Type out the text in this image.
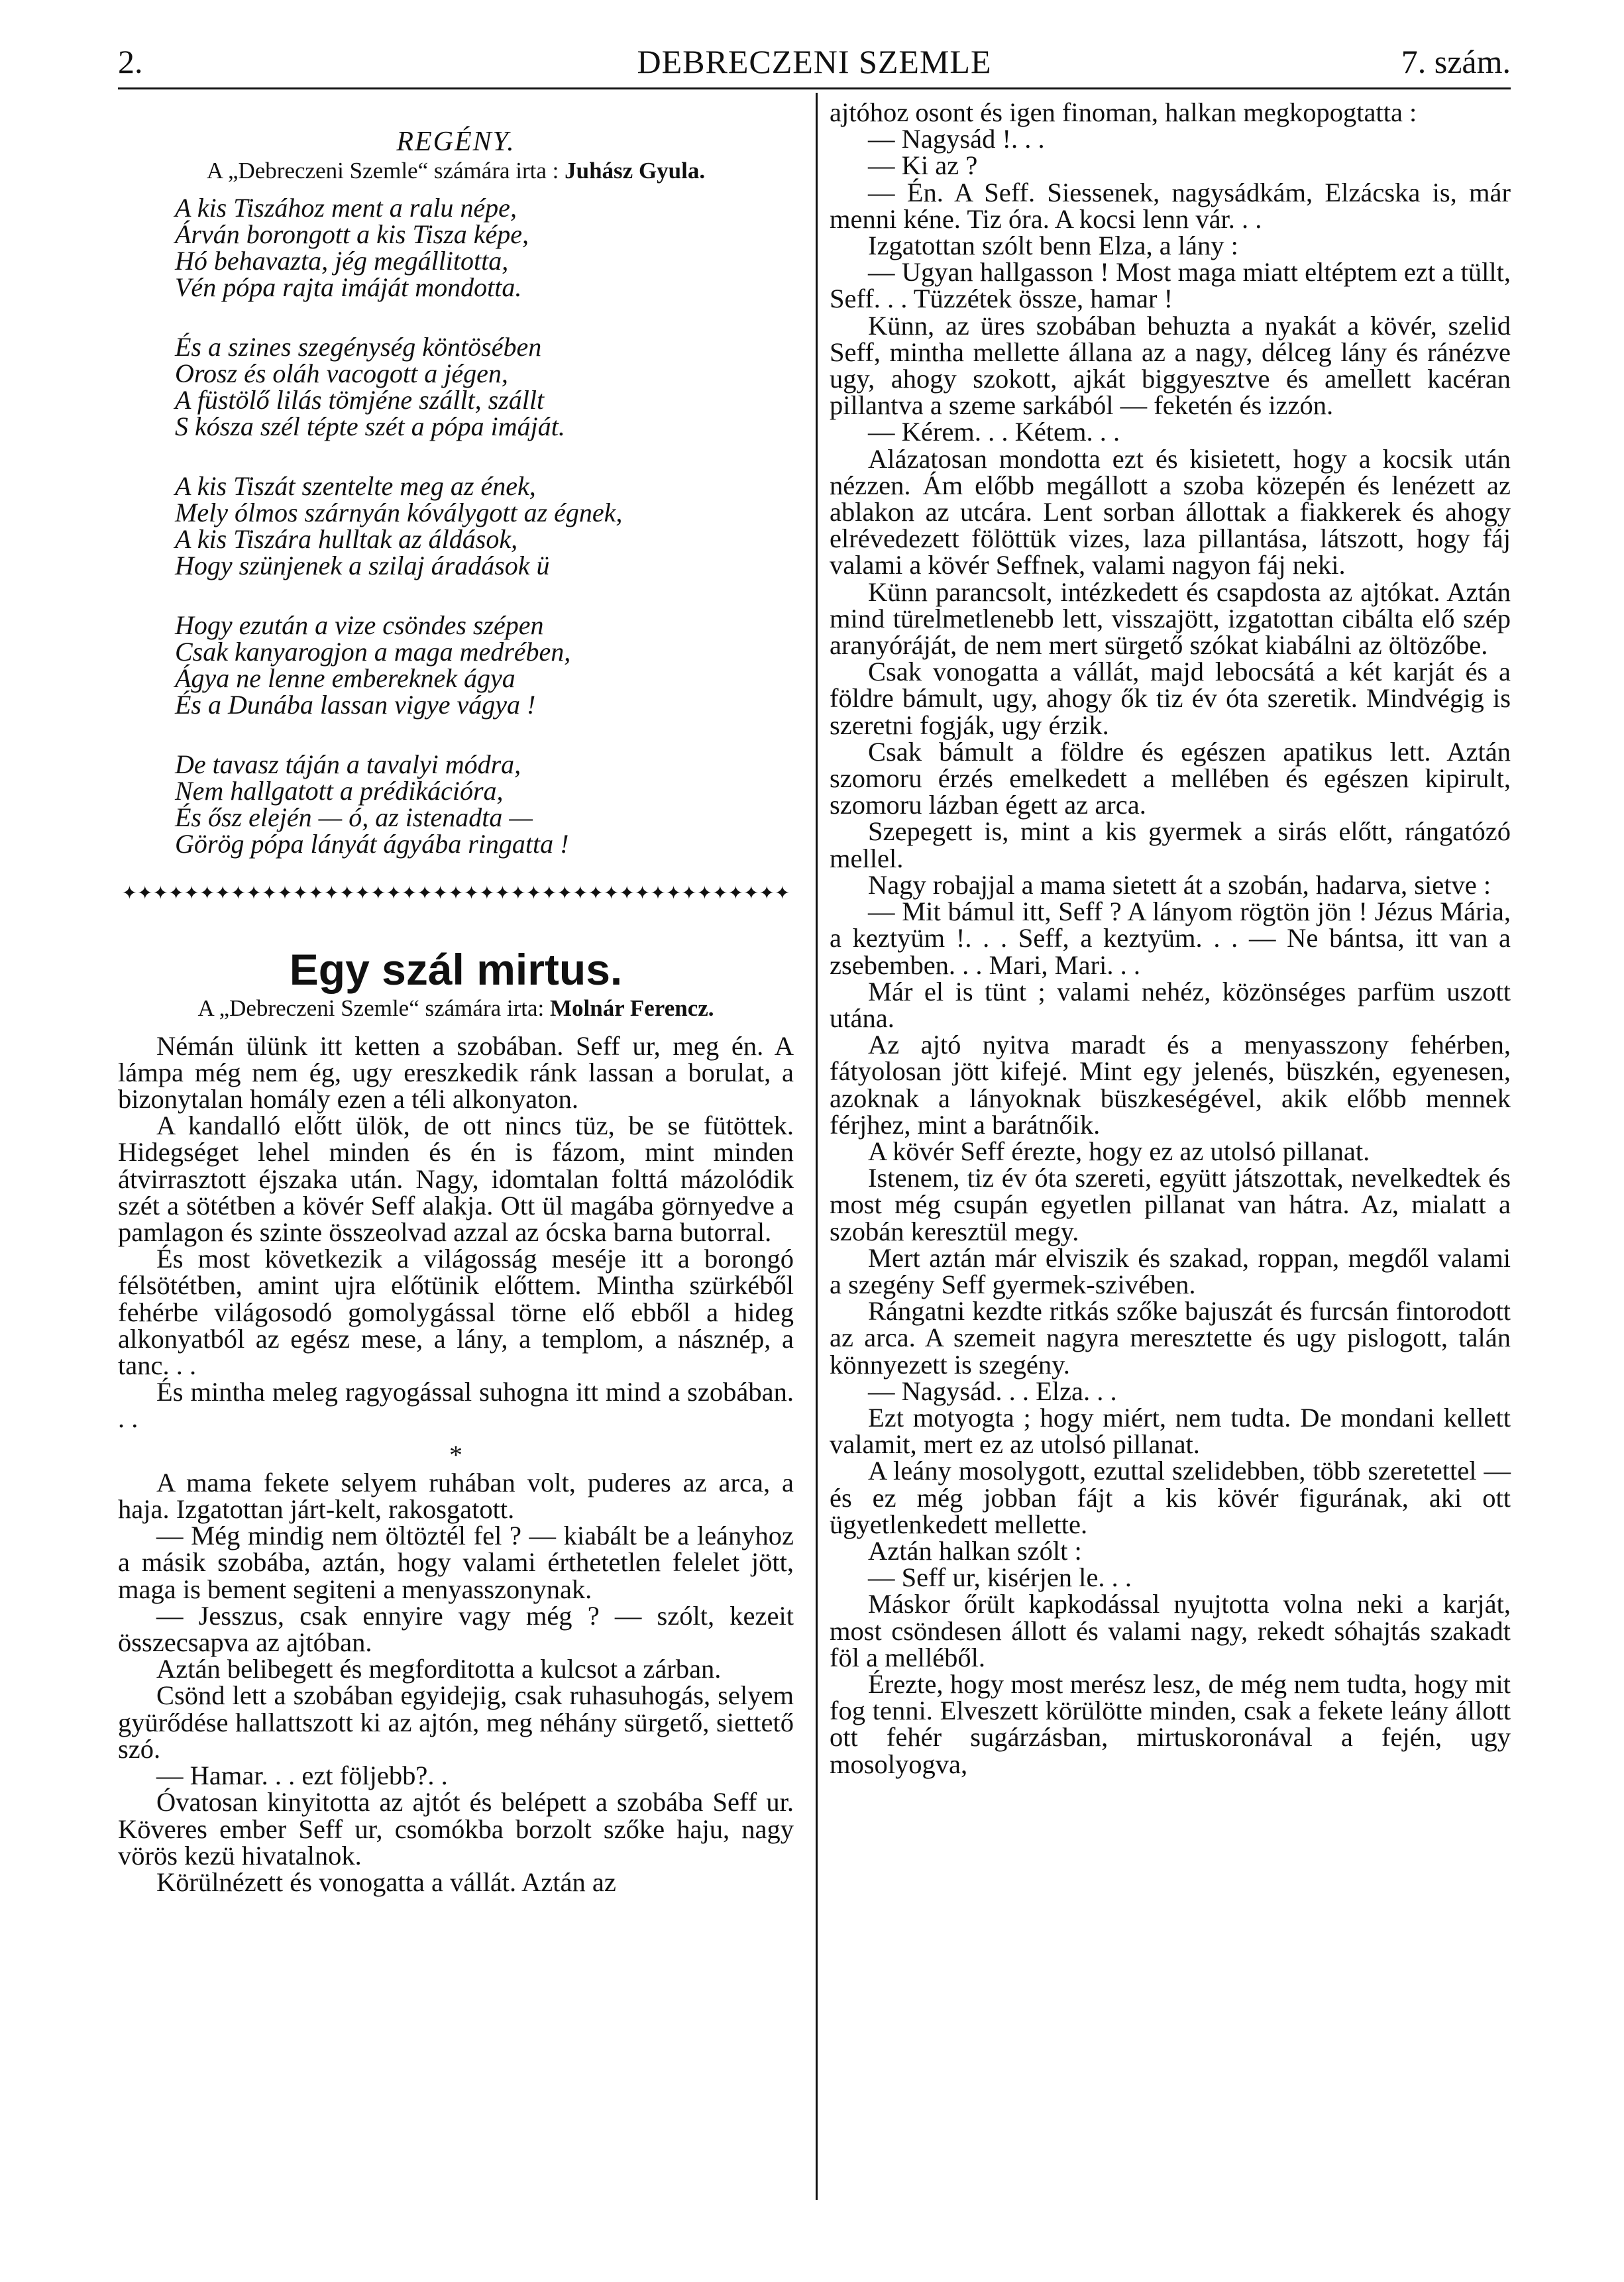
2.	DEBRECZENI SZEMLE	7. szám.
REGÉNY.
A „Debreczeni Szemle“ számára irta : Juhász Gyula.
A kis Tiszához ment a ralu népe,
Árván borongott a kis Tisza képe,
Hó behavazta, jég megállitotta,
Vén pópa rajta imáját mondotta.
És a szines szegénység köntösében
Orosz és oláh vacogott a jégen,
A füstölő lilás tömjéne szállt, szállt
S kósza szél tépte szét a pópa imáját.
A kis Tiszát szentelte meg az ének,
Mely ólmos szárnyán kóválygott az égnek,
A kis Tiszára hulltak az áldások,
Hogy szünjenek a szilaj áradások ü
Hogy ezután a vize csöndes szépen
Csak kanyarogjon a maga medrében,
Ágya ne lenne embereknek ágya
És a Dunába lassan vigye vágya !
De tavasz táján a tavalyi módra,
Nem hallgatott a prédikációra,
És ősz elején — ó, az istenadta —
Görög pópa lányát ágyába ringatta !
✦✦✦✦✦✦✦✦✦✦✦✦✦✦✦✦✦✦✦✦✦✦✦✦✦✦✦✦✦✦✦✦✦✦✦✦✦✦✦✦✦✦✦
Egy szál mirtus.
A „Debreczeni Szemle“ számára irta: Molnár Ferencz.

Némán ülünk itt ketten a szobában. Seff ur, meg én. A lámpa még nem ég, ugy ereszkedik ránk lassan a borulat, a bizonytalan homály ezen a téli alkonyaton.

A kandalló előtt ülök, de ott nincs tüz, be se fütöttek. Hidegséget lehel minden és én is fázom, mint minden átvirrasztott éjszaka után. Nagy, idomtalan folttá mázolódik szét a sötétben a kövér Seff alakja. Ott ül magába görnyedve a pamlagon és szinte összeolvad azzal az ócska barna butorral.

És most következik a világosság meséje itt a borongó félsötétben, amint ujra előtünik előttem. Mintha szürkéből fehérbe világosodó gomolygással törne elő ebből a hideg alkonyatból az egész mese, a lány, a templom, a násznép, a tanc. . .

És mintha meleg ragyogással suhogna itt mind a szobában. . .

*

A mama fekete selyem ruhában volt, puderes az arca, a haja. Izgatottan járt-kelt, rakosgatott.

— Még mindig nem öltöztél fel ? — kiabált be a leányhoz a másik szobába, aztán, hogy valami érthetetlen felelet jött, maga is bement segiteni a menyasszonynak.

— Jesszus, csak ennyire vagy még ? — szólt, kezeit összecsapva az ajtóban.

Aztán belibegett és megforditotta a kulcsot a zárban.

Csönd lett a szobában egyidejig, csak ruhasuhogás, selyem gyürődése hallattszott ki az ajtón, meg néhány sürgető, siettető szó.

— Hamar. . . ezt följebb?. .

Óvatosan kinyitotta az ajtót és belépett a szobába Seff ur. Köveres ember Seff ur, csomókba borzolt szőke haju, nagy vörös kezü hivatalnok.

Körülnézett és vonogatta a vállát. Aztán az

ajtóhoz osont és igen finoman, halkan megkopogtatta :

— Nagysád !. . .

— Ki az ?

— Én. A Seff. Siessenek, nagysádkám, Elzácska is, már menni kéne. Tiz óra. A kocsi lenn vár. . .

Izgatottan szólt benn Elza, a lány :

— Ugyan hallgasson ! Most maga miatt eltéptem ezt a tüllt, Seff. . . Tüzzétek össze, hamar !

Künn, az üres szobában behuzta a nyakát a kövér, szelid Seff, mintha mellette állana az a nagy, délceg lány és ránézve ugy, ahogy szokott, ajkát biggyesztve és amellett kacéran pillantva a szeme sarkából — feketén és izzón.

— Kérem. . . Kétem. . .

Alázatosan mondotta ezt és kisietett, hogy a kocsik után nézzen. Ám előbb megállott a szoba közepén és lenézett az ablakon az utcára. Lent sorban állottak a fiakkerek és ahogy elrévedezett fölöttük vizes, laza pillantása, látszott, hogy fáj valami a kövér Seffnek, valami nagyon fáj neki.

Künn parancsolt, intézkedett és csapdosta az ajtókat. Aztán mind türelmetlenebb lett, visszajött, izgatottan cibálta elő szép aranyóráját, de nem mert sürgető szókat kiabálni az öltözőbe.

Csak vonogatta a vállát, majd lebocsátá a két karját és a földre bámult, ugy, ahogy ők tiz év óta szeretik. Mindvégig is szeretni fogják, ugy érzik.

Csak bámult a földre és egészen apatikus lett. Aztán szomoru érzés emelkedett a mellében és egészen kipirult, szomoru lázban égett az arca.

Szepegett is, mint a kis gyermek a sirás előtt, rángatózó mellel.

Nagy robajjal a mama sietett át a szobán, hadarva, sietve :

— Mit bámul itt, Seff ? A lányom rögtön jön ! Jézus Mária, a keztyüm !. . . Seff, a keztyüm. . . — Ne bántsa, itt van a zsebemben. . . Mari, Mari. . .

Már el is tünt ; valami nehéz, közönséges parfüm uszott utána.

Az ajtó nyitva maradt és a menyasszony fehérben, fátyolosan jött kifejé. Mint egy jelenés, büszkén, egyenesen, azoknak a lányoknak büszkeségével, akik előbb mennek férjhez, mint a barátnőik.

A kövér Seff érezte, hogy ez az utolsó pillanat.

Istenem, tiz év óta szereti, együtt játszottak, nevelkedtek és most még csupán egyetlen pillanat van hátra. Az, mialatt a szobán keresztül megy.

Mert aztán már elviszik és szakad, roppan, megdől valami a szegény Seff gyermek-szivében.

Rángatni kezdte ritkás szőke bajuszát és furcsán fintorodott az arca. A szemeit nagyra meresztette és ugy pislogott, talán könnyezett is szegény.

— Nagysád. . . Elza. . .

Ezt motyogta ; hogy miért, nem tudta. De mondani kellett valamit, mert ez az utolsó pillanat.

A leány mosolygott, ezuttal szelidebben, több szeretettel — és ez még jobban fájt a kis kövér figurának, aki ott ügyetlenkedett mellette.

Aztán halkan szólt :

— Seff ur, kisérjen le. . .

Máskor őrült kapkodással nyujtotta volna neki a karját, most csöndesen állott és valami nagy, rekedt sóhajtás szakadt föl a melléből.

Érezte, hogy most merész lesz, de még nem tudta, hogy mit fog tenni. Elveszett körülötte minden, csak a fekete leány állott ott fehér sugárzásban, mirtuskoronával a fején, ugy mosolyogva,
